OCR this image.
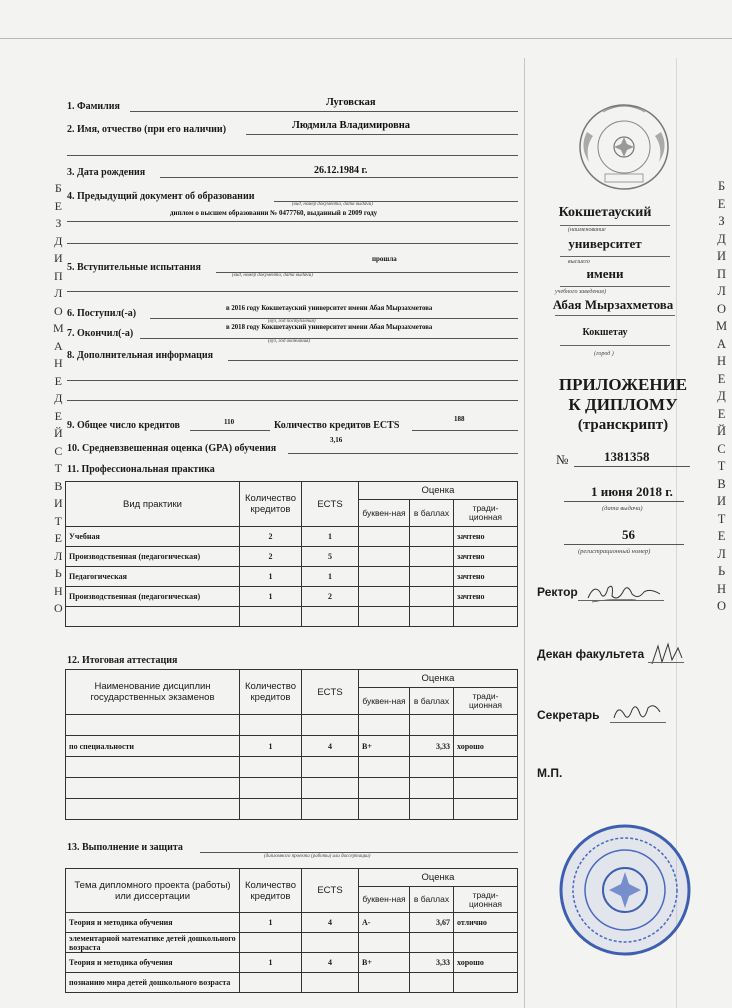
Б
Е
З
Д
И
П
Л
О
М
А
Н
Е
Д
Е
Й
С
Т
В
И
Т
Е
Л
Ь
Н
О
Б
Е
З
Д
И
П
Л
О
М
А
Н
Е
Д
Е
Й
С
Т
В
И
Т
Е
Л
Ь
Н
О
1. Фамилия	Луговская
2. Имя, отчество (при его наличии)	Людмила Владимировна
3. Дата рождения	26.12.1984 г.
4. Предыдущий документ об образовании
(вид, номер документа, дата выдачи)
диплом о высшем образовании № 0477760, выданный в 2009 году
5. Вступительные испытания
прошла
(вид, номер документа, дата выдачи)
6. Поступил(-а)	в 2016 году Кокшетауский университет имени Абая Мырзахметова
(вуз, год поступления)
7. Окончил(-а)
в 2018 году Кокшетауский университет имени Абая Мырзахметова
(вуз, год окончания)
8. Дополнительная информация
9. Общее число кредитов	110	Количество кредитов ECTS
188
10. Средневзвешенная оценка (GPA) обучения
3,16
11. Профессиональная практика
Вид практики	Количество кредитов	ECTS	Оценка		
			буквен-ная	в баллах	тради-ционная
Учебная	2	1			зачтено
Производственная (педагогическая)	2	5			зачтено
Педагогическая	1	1			зачтено
Производственная (педагогическая)	1	2			зачтено

12. Итоговая аттестация
Наименование дисциплин государственных экзаменов	Количество кредитов	ECTS	Оценка		
			буквен-ная	в баллах	тради-ционная

по специальности	1	4	B+	3,33	хорошо

13. Выполнение и защита
(дипломного проекта (работы) или диссертации)
Тема дипломного проекта (работы) или диссертации	Количество кредитов	ECTS	Оценка		
			буквен-ная	в баллах	тради-ционная
Теория и методика обучения	1	4	A-	3,67	отлично
элементарной математике детей дошкольного возраста					
Теория и методика обучения	1	4	B+	3,33	хорошо
познанию мира детей дошкольного возраста					
Кокшетауский
(наименование
университет
высшего
имени
учебного заведения)
Абая Мырзахметова
Кокшетау
(город )
ПРИЛОЖЕНИЕ
К ДИПЛОМУ
(транскрипт)
№	1381358
1 июня 2018 г.
(дата выдачи)
56
(регистрационный номер)
Ректор
Декан факультета
Секретарь
М.П.
